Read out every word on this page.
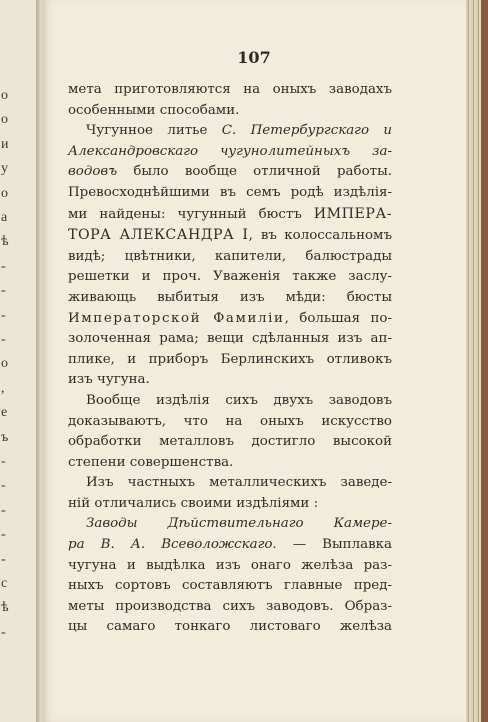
о
о
и
у
о
а
ѣ
-
-
-
-
о
,
е
ъ
-
-
-
-
-
с
ѣ
-
107
мета приготовляются на оныхъ заводахъ
особенными способами.
Чугунное литье С. Петербургскаго и
Александровскаго чугунолитейныхъ за-
водовъ было вообще отличной работы.
Превосходнѣйшими въ семъ родѣ издѣлія-
ми найдены: чугунный бюстъ ИМПЕРА-
ТОРА АЛЕКСАНДРА I, въ колоссальномъ
видѣ; цвѣтники, капители, балюстрады
решетки и проч. Уваженія также заслу-
живающь выбитыя изъ мѣди: бюсты
Императорской Фамиліи, большая по-
золоченная рама; вещи сдѣланныя изъ ап-
пликe, и приборъ Берлинскихъ отливокъ
изъ чугуна.
Вообще издѣлія сихъ двухъ заводовъ
доказываютъ, что на оныхъ искусство
обработки металловъ достигло высокой
степени совершенства.
Изъ частныхъ металлическихъ заведе-
ній отличались своими издѣліями :
Заводы Дѣйствительнаго Камере-
ра В. А. Всеволожскаго. — Выплавка
чугуна и выдѣлка изъ онаго желѣза раз-
ныхъ сортовъ составляютъ главные пред-
меты производства сихъ заводовъ. Образ-
цы самаго тонкаго листоваго желѣза
